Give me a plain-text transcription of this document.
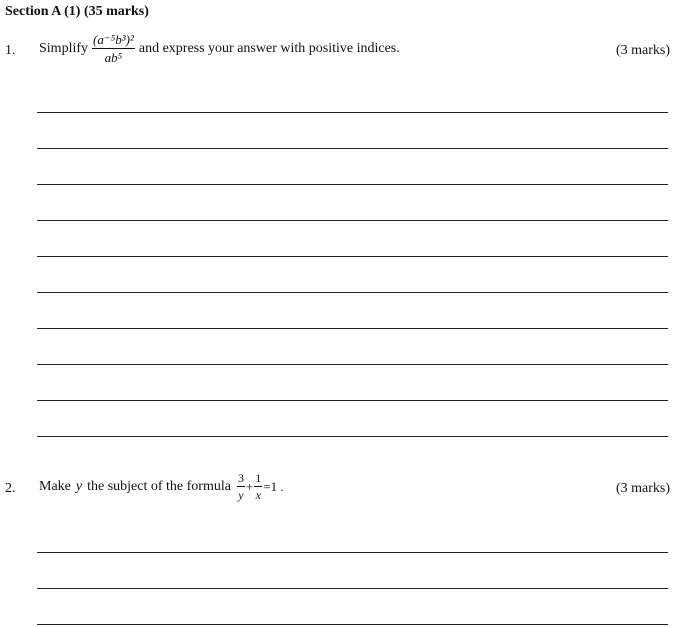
Section A (1) (35 marks)
1. Simplify $\frac{\text{(a⁻⁵b³)²}}{\text{ab⁵}}$ and express your answer with positive indices.	(3 marks)
2. Make y the subject of the formula $\frac{3}{y} + \frac{1}{x} =1$ .	(3 marks)
